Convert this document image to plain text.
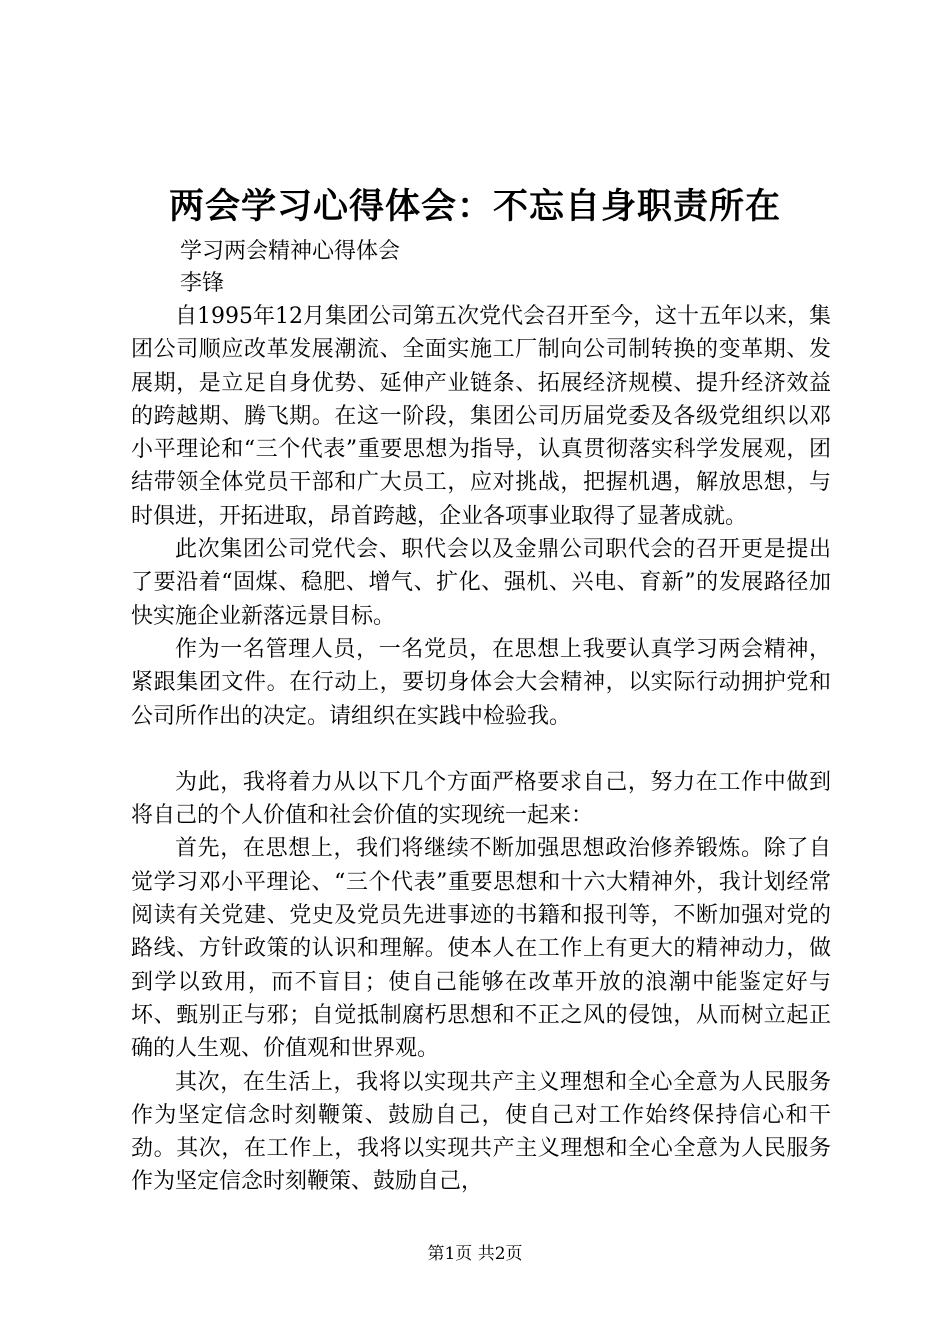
两会学习心得体会：不忘自身职责所在
学习两会精神心得体会
李锋

自1995年12月集团公司第五次党代会召开至今，这十五年以来，集团公司顺应改革发展潮流、全面实施工厂制向公司制转换的变革期、发展期，是立足自身优势、延伸产业链条、拓展经济规模、提升经济效益的跨越期、腾飞期。在这一阶段，集团公司历届党委及各级党组织以邓小平理论和“三个代表”重要思想为指导，认真贯彻落实科学发展观，团结带领全体党员干部和广大员工，应对挑战，把握机遇，解放思想，与时俱进，开拓进取，昂首跨越，企业各项事业取得了显著成就。

此次集团公司党代会、职代会以及金鼎公司职代会的召开更是提出了要沿着“固煤、稳肥、增气、扩化、强机、兴电、育新”的发展路径加快实施企业新落远景目标。

作为一名管理人员，一名党员，在思想上我要认真学习两会精神，紧跟集团文件。在行动上，要切身体会大会精神，以实际行动拥护党和公司所作出的决定。请组织在实践中检验我。

为此，我将着力从以下几个方面严格要求自己，努力在工作中做到将自己的个人价值和社会价值的实现统一起来：

首先，在思想上，我们将继续不断加强思想政治修养锻炼。除了自觉学习邓小平理论、“三个代表”重要思想和十六大精神外，我计划经常阅读有关党建、党史及党员先进事迹的书籍和报刊等，不断加强对党的路线、方针政策的认识和理解。使本人在工作上有更大的精神动力，做到学以致用，而不盲目；使自己能够在改革开放的浪潮中能鉴定好与坏、甄别正与邪；自觉抵制腐朽思想和不正之风的侵蚀，从而树立起正确的人生观、价值观和世界观。

其次，在生活上，我将以实现共产主义理想和全心全意为人民服务作为坚定信念时刻鞭策、鼓励自己，使自己对工作始终保持信心和干劲。其次，在工作上，我将以实现共产主义理想和全心全意为人民服务作为坚定信念时刻鞭策、鼓励自己，

第1页 共2页
